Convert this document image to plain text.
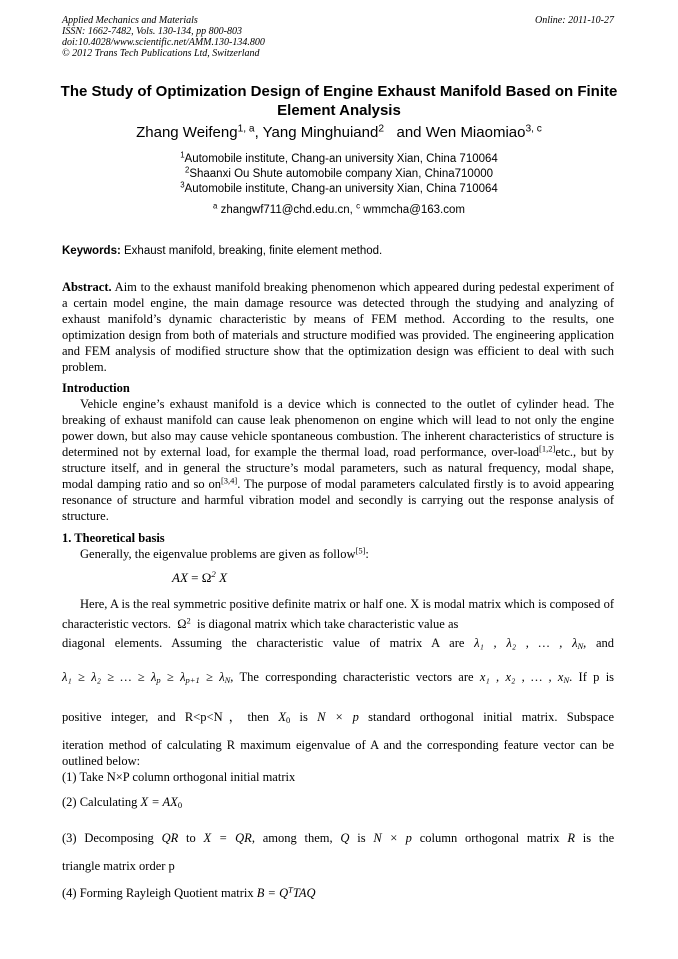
Applied Mechanics and Materials
ISSN: 1662-7482, Vols. 130-134, pp 800-803
doi:10.4028/www.scientific.net/AMM.130-134.800
© 2012 Trans Tech Publications Ltd, Switzerland
Online: 2011-10-27
The Study of Optimization Design of Engine Exhaust Manifold Based on Finite Element Analysis
Zhang Weifeng$^{1, a}$, Yang Minghuiand$^2$ and Wen Miaomiao$^{3, c}$
$^1$Automobile institute, Chang-an university Xian, China 710064
$^2$Shaanxi Ou Shute automobile company Xian, China710000
$^3$Automobile institute, Chang-an university Xian, China 710064
$^a$ zhangwf711@chd.edu.cn, $^c$ wmmcha@163.com
Keywords: Exhaust manifold, breaking, finite element method.

Abstract. Aim to the exhaust manifold breaking phenomenon which appeared during pedestal experiment of a certain model engine, the main damage resource was detected through the studying and analyzing of exhaust manifold’s dynamic characteristic by means of FEM method. According to the results, one optimization design from both of materials and structure modified was provided. The engineering application and FEM analysis of modified structure show that the optimization design was efficient to deal with such problem.

Introduction

Vehicle engine’s exhaust manifold is a device which is connected to the outlet of cylinder head. The breaking of exhaust manifold can cause leak phenomenon on engine which will lead to not only the engine power down, but also may cause vehicle spontaneous combustion. The inherent characteristics of structure is determined not by external load, for example the thermal load, road performance, over-load[1,2]etc., but by structure itself, and in general the structure’s modal parameters, such as natural frequency, modal shape, modal damping ratio and so on[3,4]. The purpose of modal parameters calculated firstly is to avoid appearing resonance of structure and harmful vibration model and secondly is carrying out the response analysis of structure.

1. Theoretical basis

Generally, the eigenvalue problems are given as follow[5]:

AX = $\Omega^2$ X

Here, A is the real symmetric positive definite matrix or half one. X is modal matrix which is composed of characteristic vectors. $\Omega^2$ is diagonal matrix which take characteristic value as

diagonal elements. Assuming the characteristic value of matrix A are λ₁ , λ₂ , … , $\lambda_N$, and
λ₁ ≥ λ₂ ≥ … ≥ $\lambda_p \ge \lambda_{p+1} \ge \lambda_N$, The corresponding characteristic vectors are x₁ , x₂ , … , $x_N$. If p is
positive integer, and R<p<N，then $X_0$ is N × p standard orthogonal initial matrix. Subspace

iteration method of calculating R maximum eigenvalue of A and the corresponding feature vector can be outlined below:

(1) Take N×P column orthogonal initial matrix

(2) Calculating $X = AX_0$
(3) Decomposing QR to X = QR, among them, Q is N × p column orthogonal matrix R is the
triangle matrix order p
(4) Forming Rayleigh Quotient matrix $B = Q^TTAQ$
